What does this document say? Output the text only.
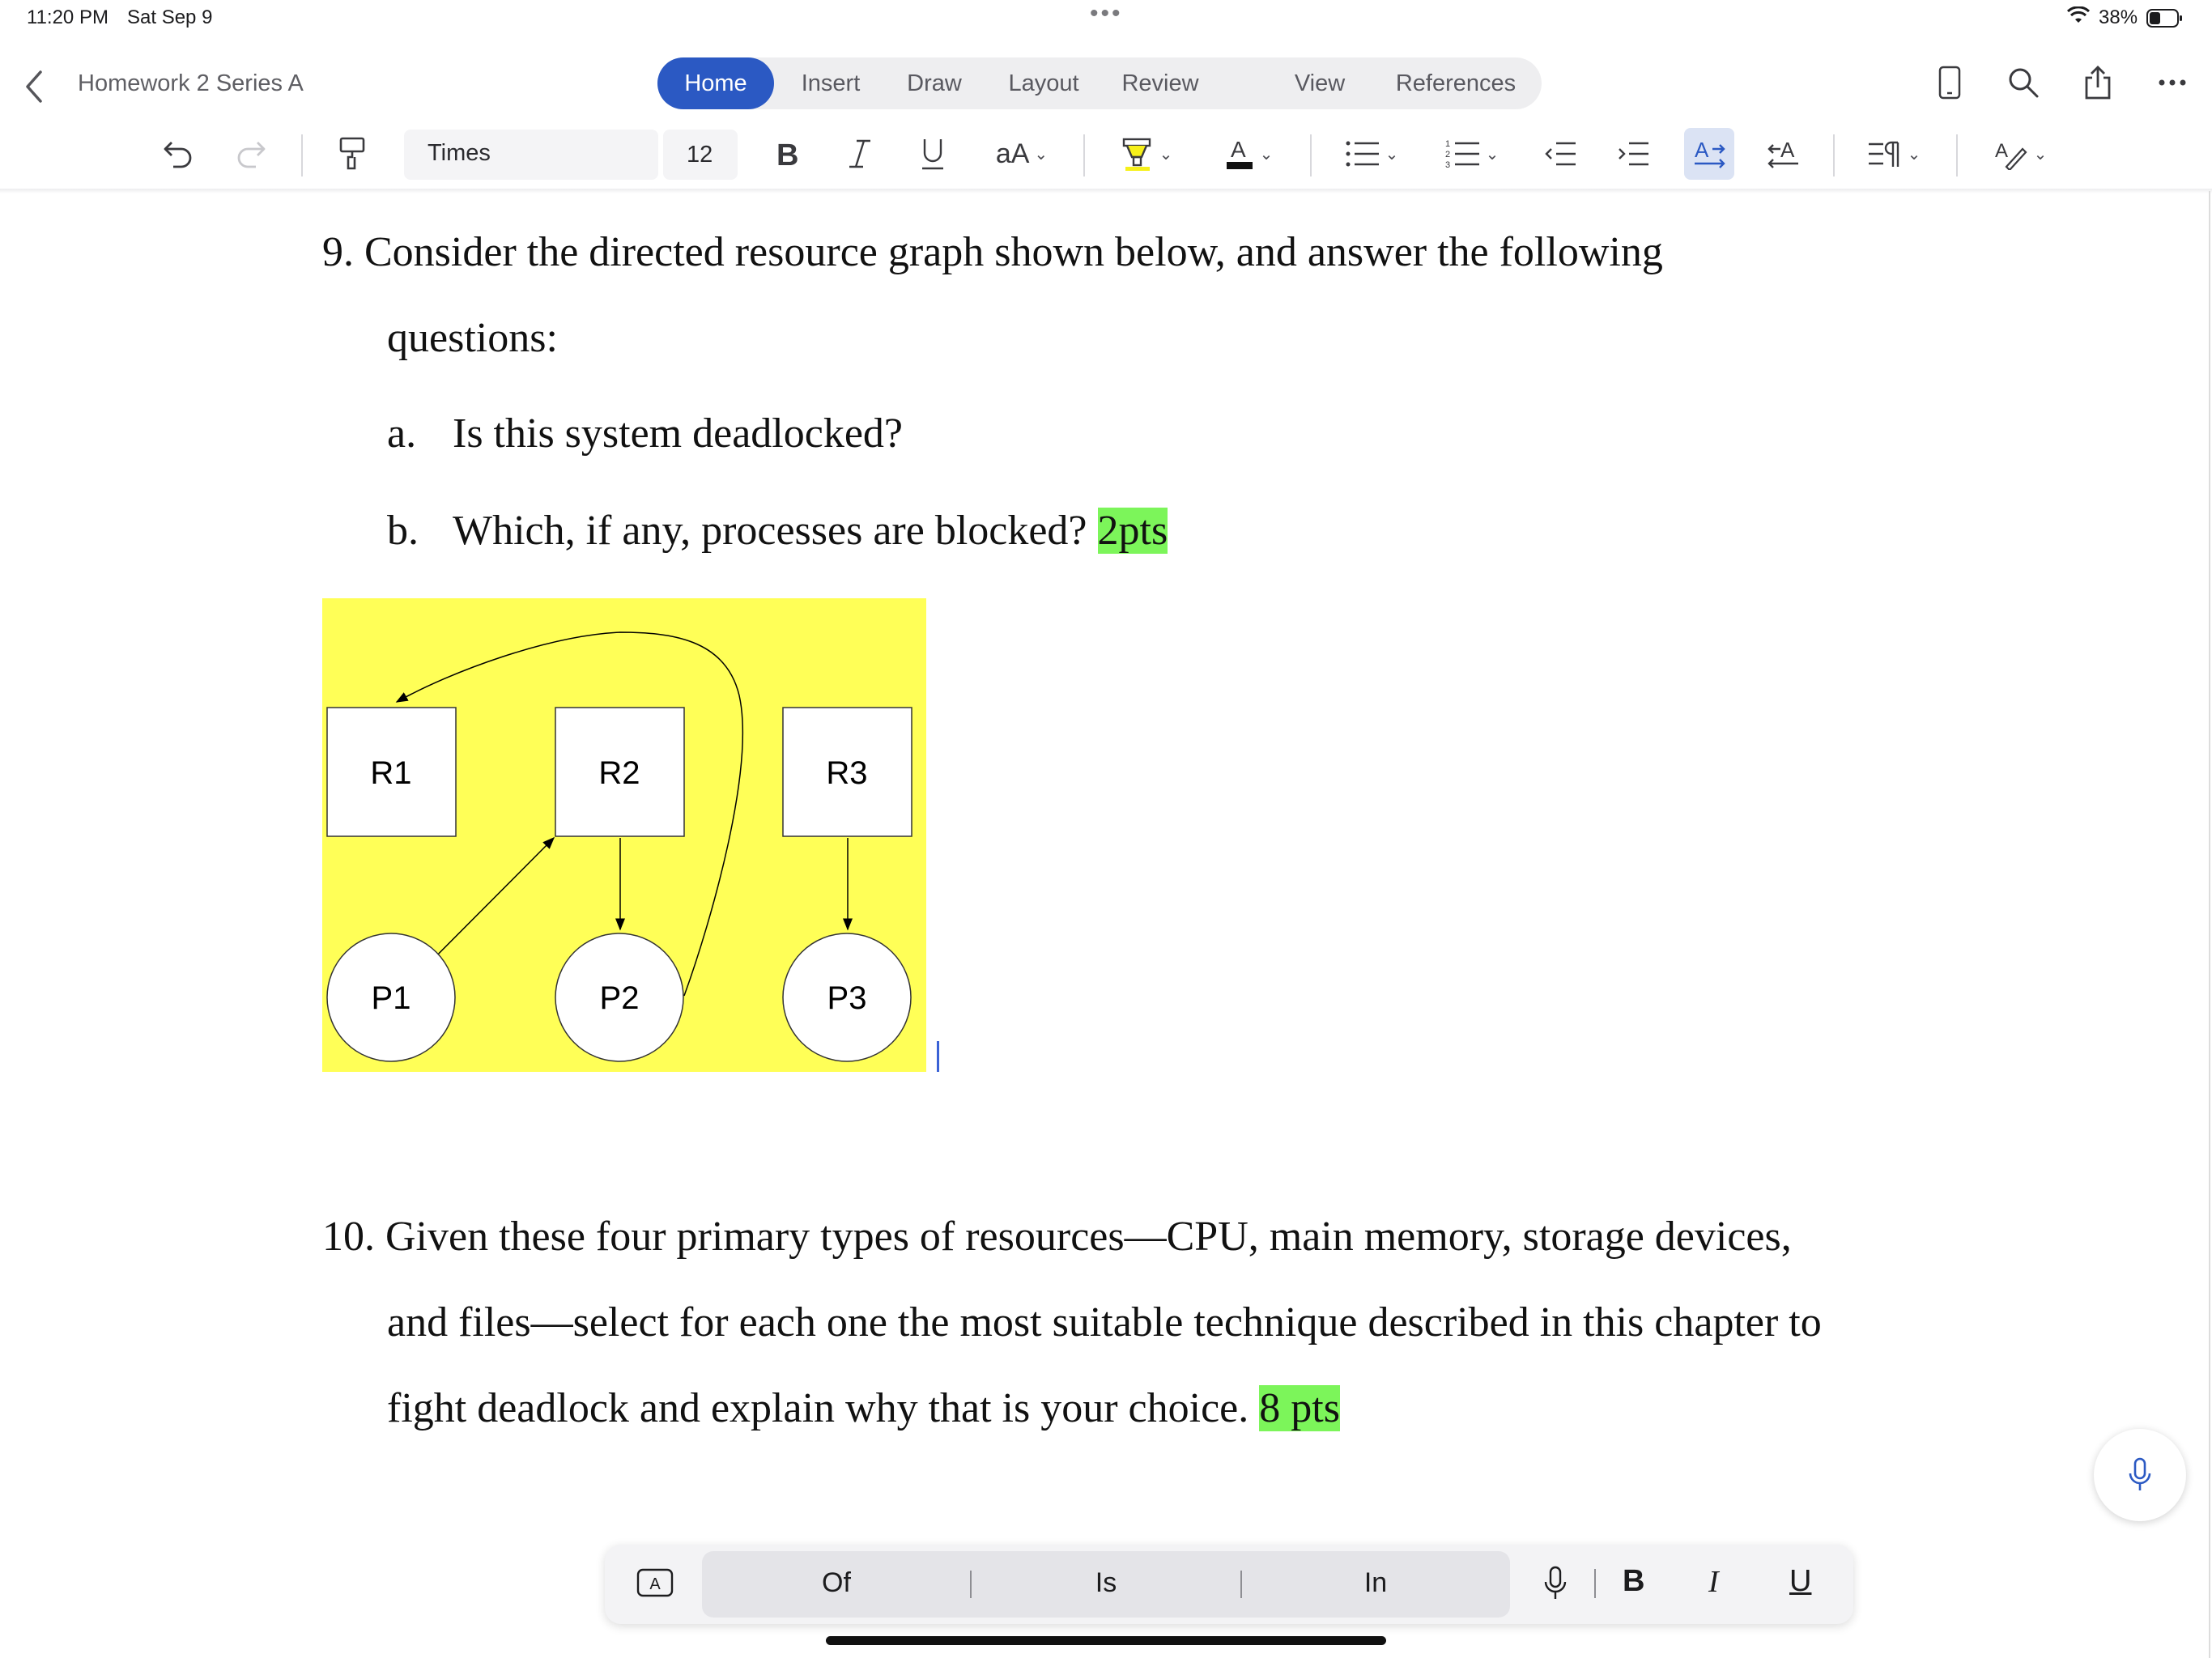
11:20 PM Sat Sep 9	•••	38%
Homework 2 Series A	Home	Insert	Draw	Layout	Review	View	References
Times	12 B	aA ⌄	⌄	A ⌄	⌄
1
2
3
⌄	A	A	⌄	A ⌄
9. Consider the directed resource graph shown below, and answer the following
questions:
a. Is this system deadlocked?
b. Which, if any, processes are blocked? 2pts
R1	R2	R3
P1	P2	P3
10. Given these four primary types of resources—CPU, main memory, storage devices,
and files—select for each one the most suitable technique described in this chapter to
fight deadlock and explain why that is your choice. 8 pts
A	Of	Is	In	B I U
